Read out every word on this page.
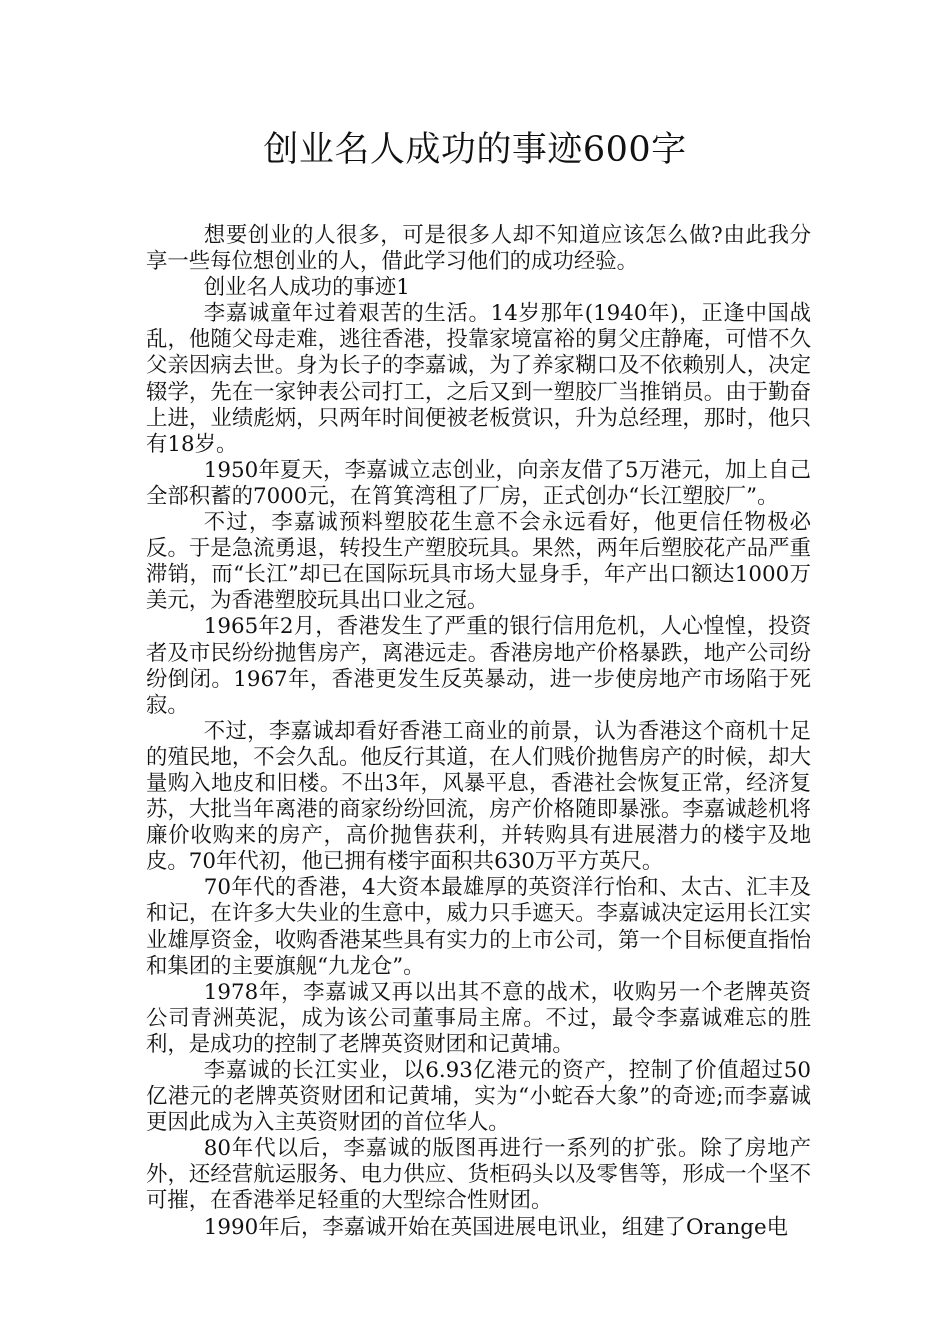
创业名人成功的事迹600字

想要创业的人很多，可是很多人却不知道应该怎么做?由此我分享一些每位想创业的人，借此学习他们的成功经验。

创业名人成功的事迹1

李嘉诚童年过着艰苦的生活。14岁那年(1940年)，正逢中国战乱，他随父母走难，逃往香港，投靠家境富裕的舅父庄静庵，可惜不久父亲因病去世。身为长子的李嘉诚，为了养家糊口及不依赖别人，决定辍学，先在一家钟表公司打工，之后又到一塑胶厂当推销员。由于勤奋上进，业绩彪炳，只两年时间便被老板赏识，升为总经理，那时，他只有18岁。

1950年夏天，李嘉诚立志创业，向亲友借了5万港元，加上自己全部积蓄的7000元，在筲箕湾租了厂房，正式创办“长江塑胶厂”。

不过，李嘉诚预料塑胶花生意不会永远看好，他更信任物极必反。于是急流勇退，转投生产塑胶玩具。果然，两年后塑胶花产品严重滞销，而“长江”却已在国际玩具市场大显身手，年产出口额达1000万美元，为香港塑胶玩具出口业之冠。

1965年2月，香港发生了严重的银行信用危机，人心惶惶，投资者及市民纷纷抛售房产，离港远走。香港房地产价格暴跌，地产公司纷纷倒闭。1967年，香港更发生反英暴动，进一步使房地产市场陷于死寂。

不过，李嘉诚却看好香港工商业的前景，认为香港这个商机十足的殖民地，不会久乱。他反行其道，在人们贱价抛售房产的时候，却大量购入地皮和旧楼。不出3年，风暴平息，香港社会恢复正常，经济复苏，大批当年离港的商家纷纷回流，房产价格随即暴涨。李嘉诚趁机将廉价收购来的房产，高价抛售获利，并转购具有进展潜力的楼宇及地皮。70年代初，他已拥有楼宇面积共630万平方英尺。

70年代的香港，4大资本最雄厚的英资洋行怡和、太古、汇丰及和记，在许多大失业的生意中，威力只手遮天。李嘉诚决定运用长江实业雄厚资金，收购香港某些具有实力的上市公司，第一个目标便直指怡和集团的主要旗舰“九龙仓”。

1978年，李嘉诚又再以出其不意的战术，收购另一个老牌英资公司青洲英泥，成为该公司董事局主席。不过，最令李嘉诚难忘的胜利，是成功的控制了老牌英资财团和记黄埔。

李嘉诚的长江实业，以6.93亿港元的资产，控制了价值超过50亿港元的老牌英资财团和记黄埔，实为“小蛇吞大象”的奇迹;而李嘉诚更因此成为入主英资财团的首位华人。

80年代以后，李嘉诚的版图再进行一系列的扩张。除了房地产外，还经营航运服务、电力供应、货柜码头以及零售等，形成一个坚不可摧，在香港举足轻重的大型综合性财团。

1990年后，李嘉诚开始在英国进展电讯业，组建了Orange电
